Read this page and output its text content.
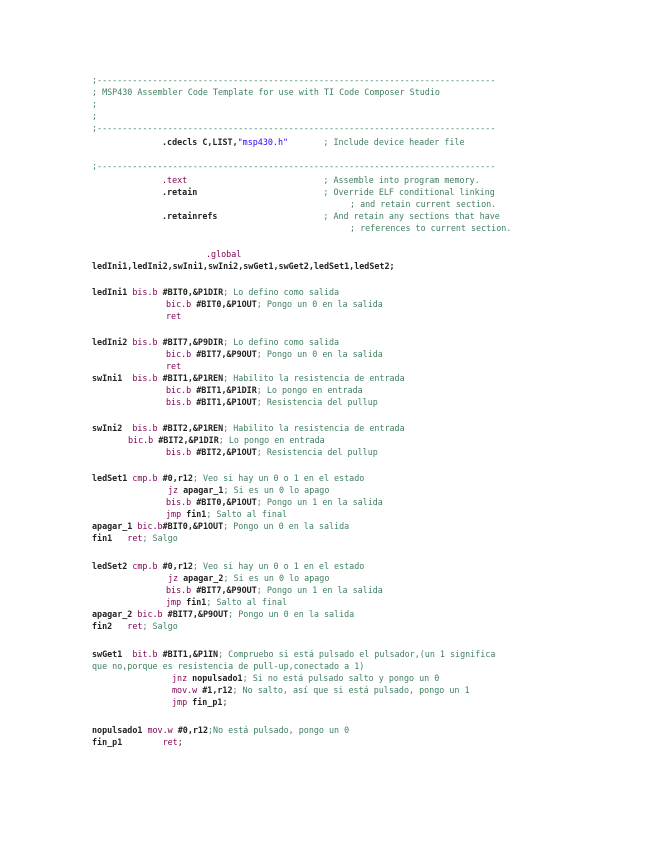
;-------------------------------------------------------------------------------
; MSP430 Assembler Code Template for use with TI Code Composer Studio
;
;
;-------------------------------------------------------------------------------
.cdecls C,LIST,"msp430.h"	; Include device header file
;-------------------------------------------------------------------------------
.text	; Assemble into program memory.
.retain	; Override ELF conditional linking
; and retain current section.
.retainrefs	; And retain any sections that have
; references to current section.
.global
ledIni1,ledIni2,swIni1,swIni2,swGet1,swGet2,ledSet1,ledSet2;
ledIni1 bis.b #BIT0,&P1DIR; Lo defino como salida
bic.b #BIT0,&P1OUT; Pongo un 0 en la salida
ret
ledIni2 bis.b #BIT7,&P9DIR; Lo defino como salida
bic.b #BIT7,&P9OUT; Pongo un 0 en la salida
ret
swIni1  bis.b #BIT1,&P1REN; Habilito la resistencia de entrada
bic.b #BIT1,&P1DIR; Lo pongo en entrada
bis.b #BIT1,&P1OUT; Resistencia del pullup
swIni2  bis.b #BIT2,&P1REN; Habilito la resistencia de entrada
bic.b #BIT2,&P1DIR; Lo pongo en entrada
bis.b #BIT2,&P1OUT; Resistencia del pullup
ledSet1 cmp.b #0,r12; Veo si hay un 0 o 1 en el estado
jz apagar_1; Si es un 0 lo apago
bis.b #BIT0,&P1OUT; Pongo un 1 en la salida
jmp fin1; Salto al final
apagar_1 bic.b#BIT0,&P1OUT; Pongo un 0 en la salida
fin1   ret; Salgo
ledSet2 cmp.b #0,r12; Veo si hay un 0 o 1 en el estado
jz apagar_2; Si es un 0 lo apago
bis.b #BIT7,&P9OUT; Pongo un 1 en la salida
jmp fin1; Salto al final
apagar_2 bic.b #BIT7,&P9OUT; Pongo un 0 en la salida
fin2   ret; Salgo
swGet1  bit.b #BIT1,&P1IN; Compruebo si está pulsado el pulsador,(un 1 significa
que no,porque es resistencia de pull-up,conectado a 1)
jnz nopulsado1; Si no está pulsado salto y pongo un 0
mov.w #1,r12; No salto, así que si está pulsado, pongo un 1
jmp fin_p1;
nopulsado1 mov.w #0,r12;No está pulsado, pongo un 0
fin_p1        ret;
